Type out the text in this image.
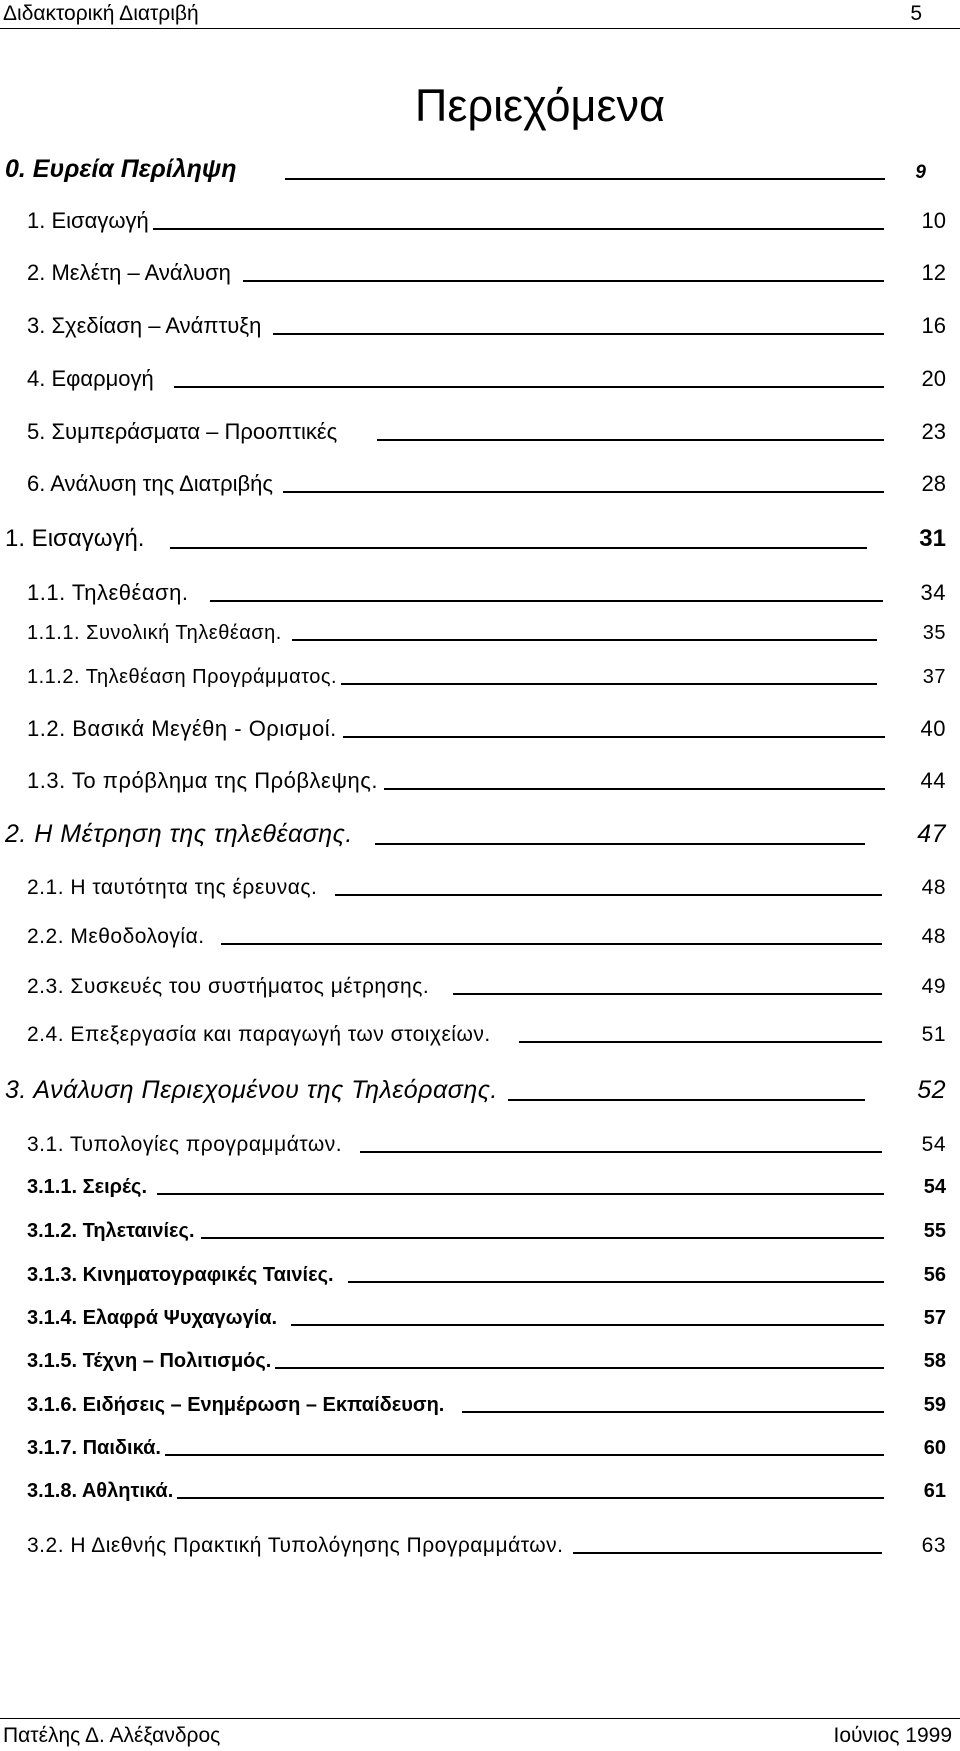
Διδακτορική Διατριβή	5
Περιεχόμενα
0. Ευρεία Περίληψη	9
1. Εισαγωγή	10
2. Μελέτη – Ανάλυση	12
3. Σχεδίαση – Ανάπτυξη	16
4. Εφαρμογή	20
5. Συμπεράσματα – Προοπτικές	23
6. Ανάλυση της Διατριβής	28
1. Εισαγωγή.	31
1.1. Τηλεθέαση.	34
1.1.1. Συνολική Τηλεθέαση.	35
1.1.2. Τηλεθέαση Προγράμματος.	37
1.2. Βασικά Μεγέθη - Ορισμοί.	40
1.3. Το πρόβλημα της Πρόβλεψης.	44
2. Η Μέτρηση της τηλεθέασης.	47
2.1. Η ταυτότητα της έρευνας.	48
2.2. Μεθοδολογία.	48
2.3. Συσκευές του συστήματος μέτρησης.	49
2.4. Επεξεργασία και παραγωγή των στοιχείων.	51
3. Ανάλυση Περιεχομένου της Τηλεόρασης.	52
3.1. Τυπολογίες προγραμμάτων.	54
3.1.1. Σειρές.	54
3.1.2. Τηλεταινίες.	55
3.1.3. Κινηματογραφικές Ταινίες.	56
3.1.4. Ελαφρά Ψυχαγωγία.	57
3.1.5. Τέχνη – Πολιτισμός.	58
3.1.6. Ειδήσεις – Ενημέρωση – Εκπαίδευση.	59
3.1.7. Παιδικά.	60
3.1.8. Αθλητικά.	61
3.2. Η Διεθνής Πρακτική Τυπολόγησης Προγραμμάτων.	63
Πατέλης Δ. Αλέξανδρος	Ιούνιος 1999
